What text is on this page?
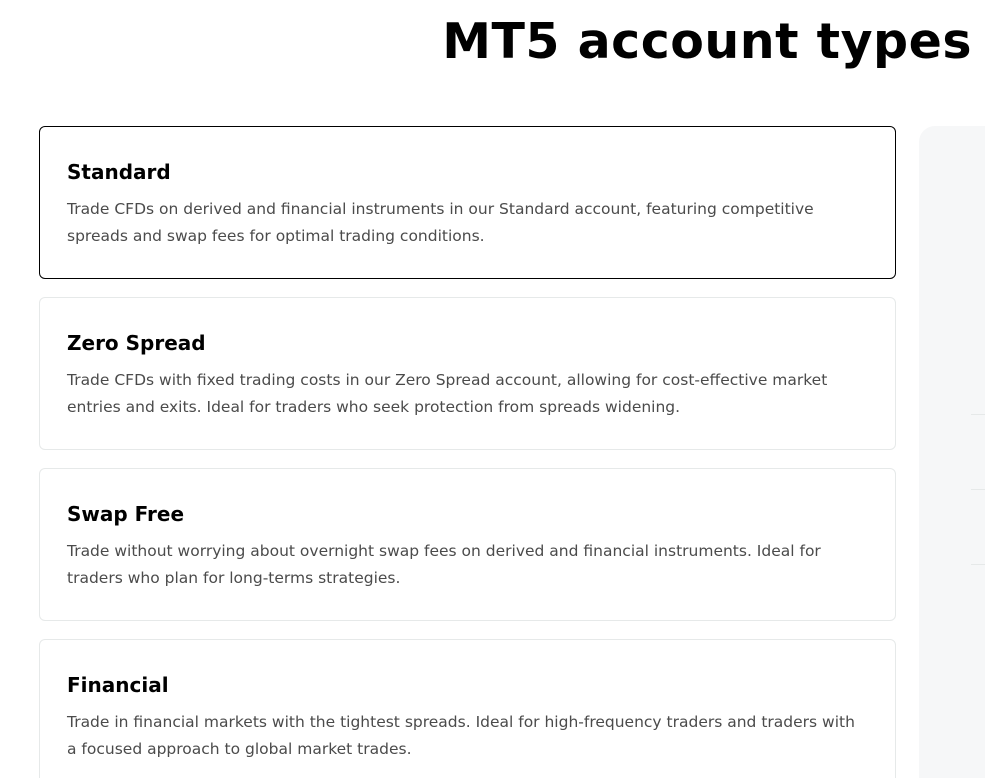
MT5 account types
Standard

Trade CFDs on derived and financial instruments in our Standard account, featuring competitive spreads and swap fees for optimal trading conditions.

Zero Spread

Trade CFDs with fixed trading costs in our Zero Spread account, allowing for cost-effective market entries and exits. Ideal for traders who seek protection from spreads widening.

Swap Free

Trade without worrying about overnight swap fees on derived and financial instruments. Ideal for traders who plan for long-terms strategies.

Financial

Trade in financial markets with the tightest spreads. Ideal for high-frequency traders and traders with a focused approach to global market trades.
